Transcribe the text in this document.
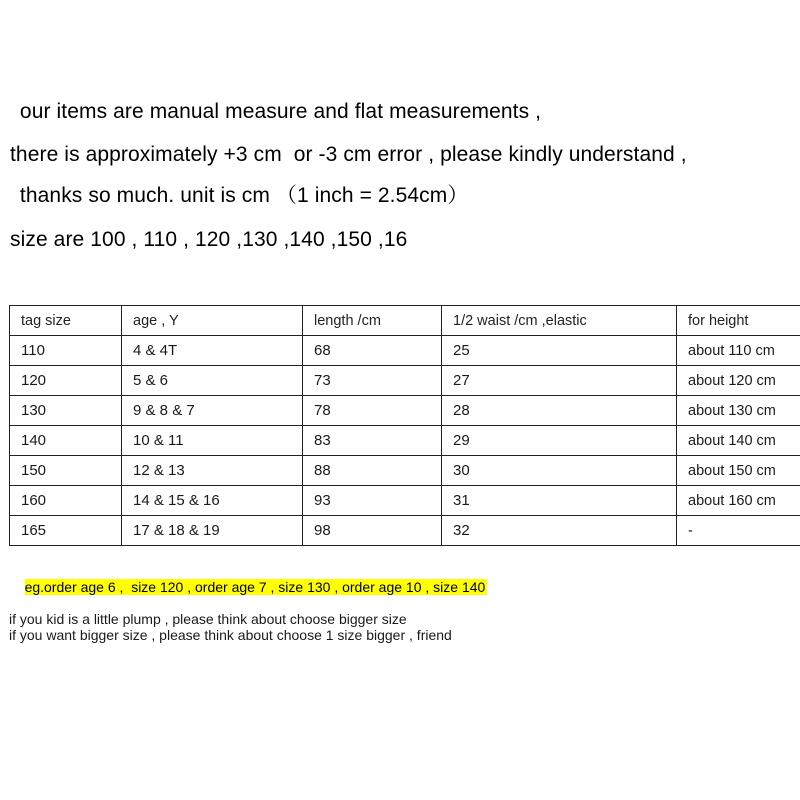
our items are manual measure and flat measurements ,
there is approximately +3 cm  or -3 cm error , please kindly understand ,
thanks so much. unit is cm （1 inch = 2.54cm）
size are 100 , 110 , 120 ,130 ,140 ,150 ,16
tag size	age , Y	length /cm	1/2 waist /cm ,elastic	for height
110	4 & 4T	68	25	about 110 cm
120	5 & 6	73	27	about 120 cm
130	9 & 8 & 7	78	28	about 130 cm
140	10 & 11	83	29	about 140 cm
150	12 & 13	88	30	about 150 cm
160	14 & 15 & 16	93	31	about 160 cm
165	17 & 18 & 19	98	32	-

eg.order age 6 ,  size 120 , order age 7 , size 130 , order age 10 , size 140

if you kid is a little plump , please think about choose bigger size
if you want bigger size , please think about choose 1 size bigger , friend
